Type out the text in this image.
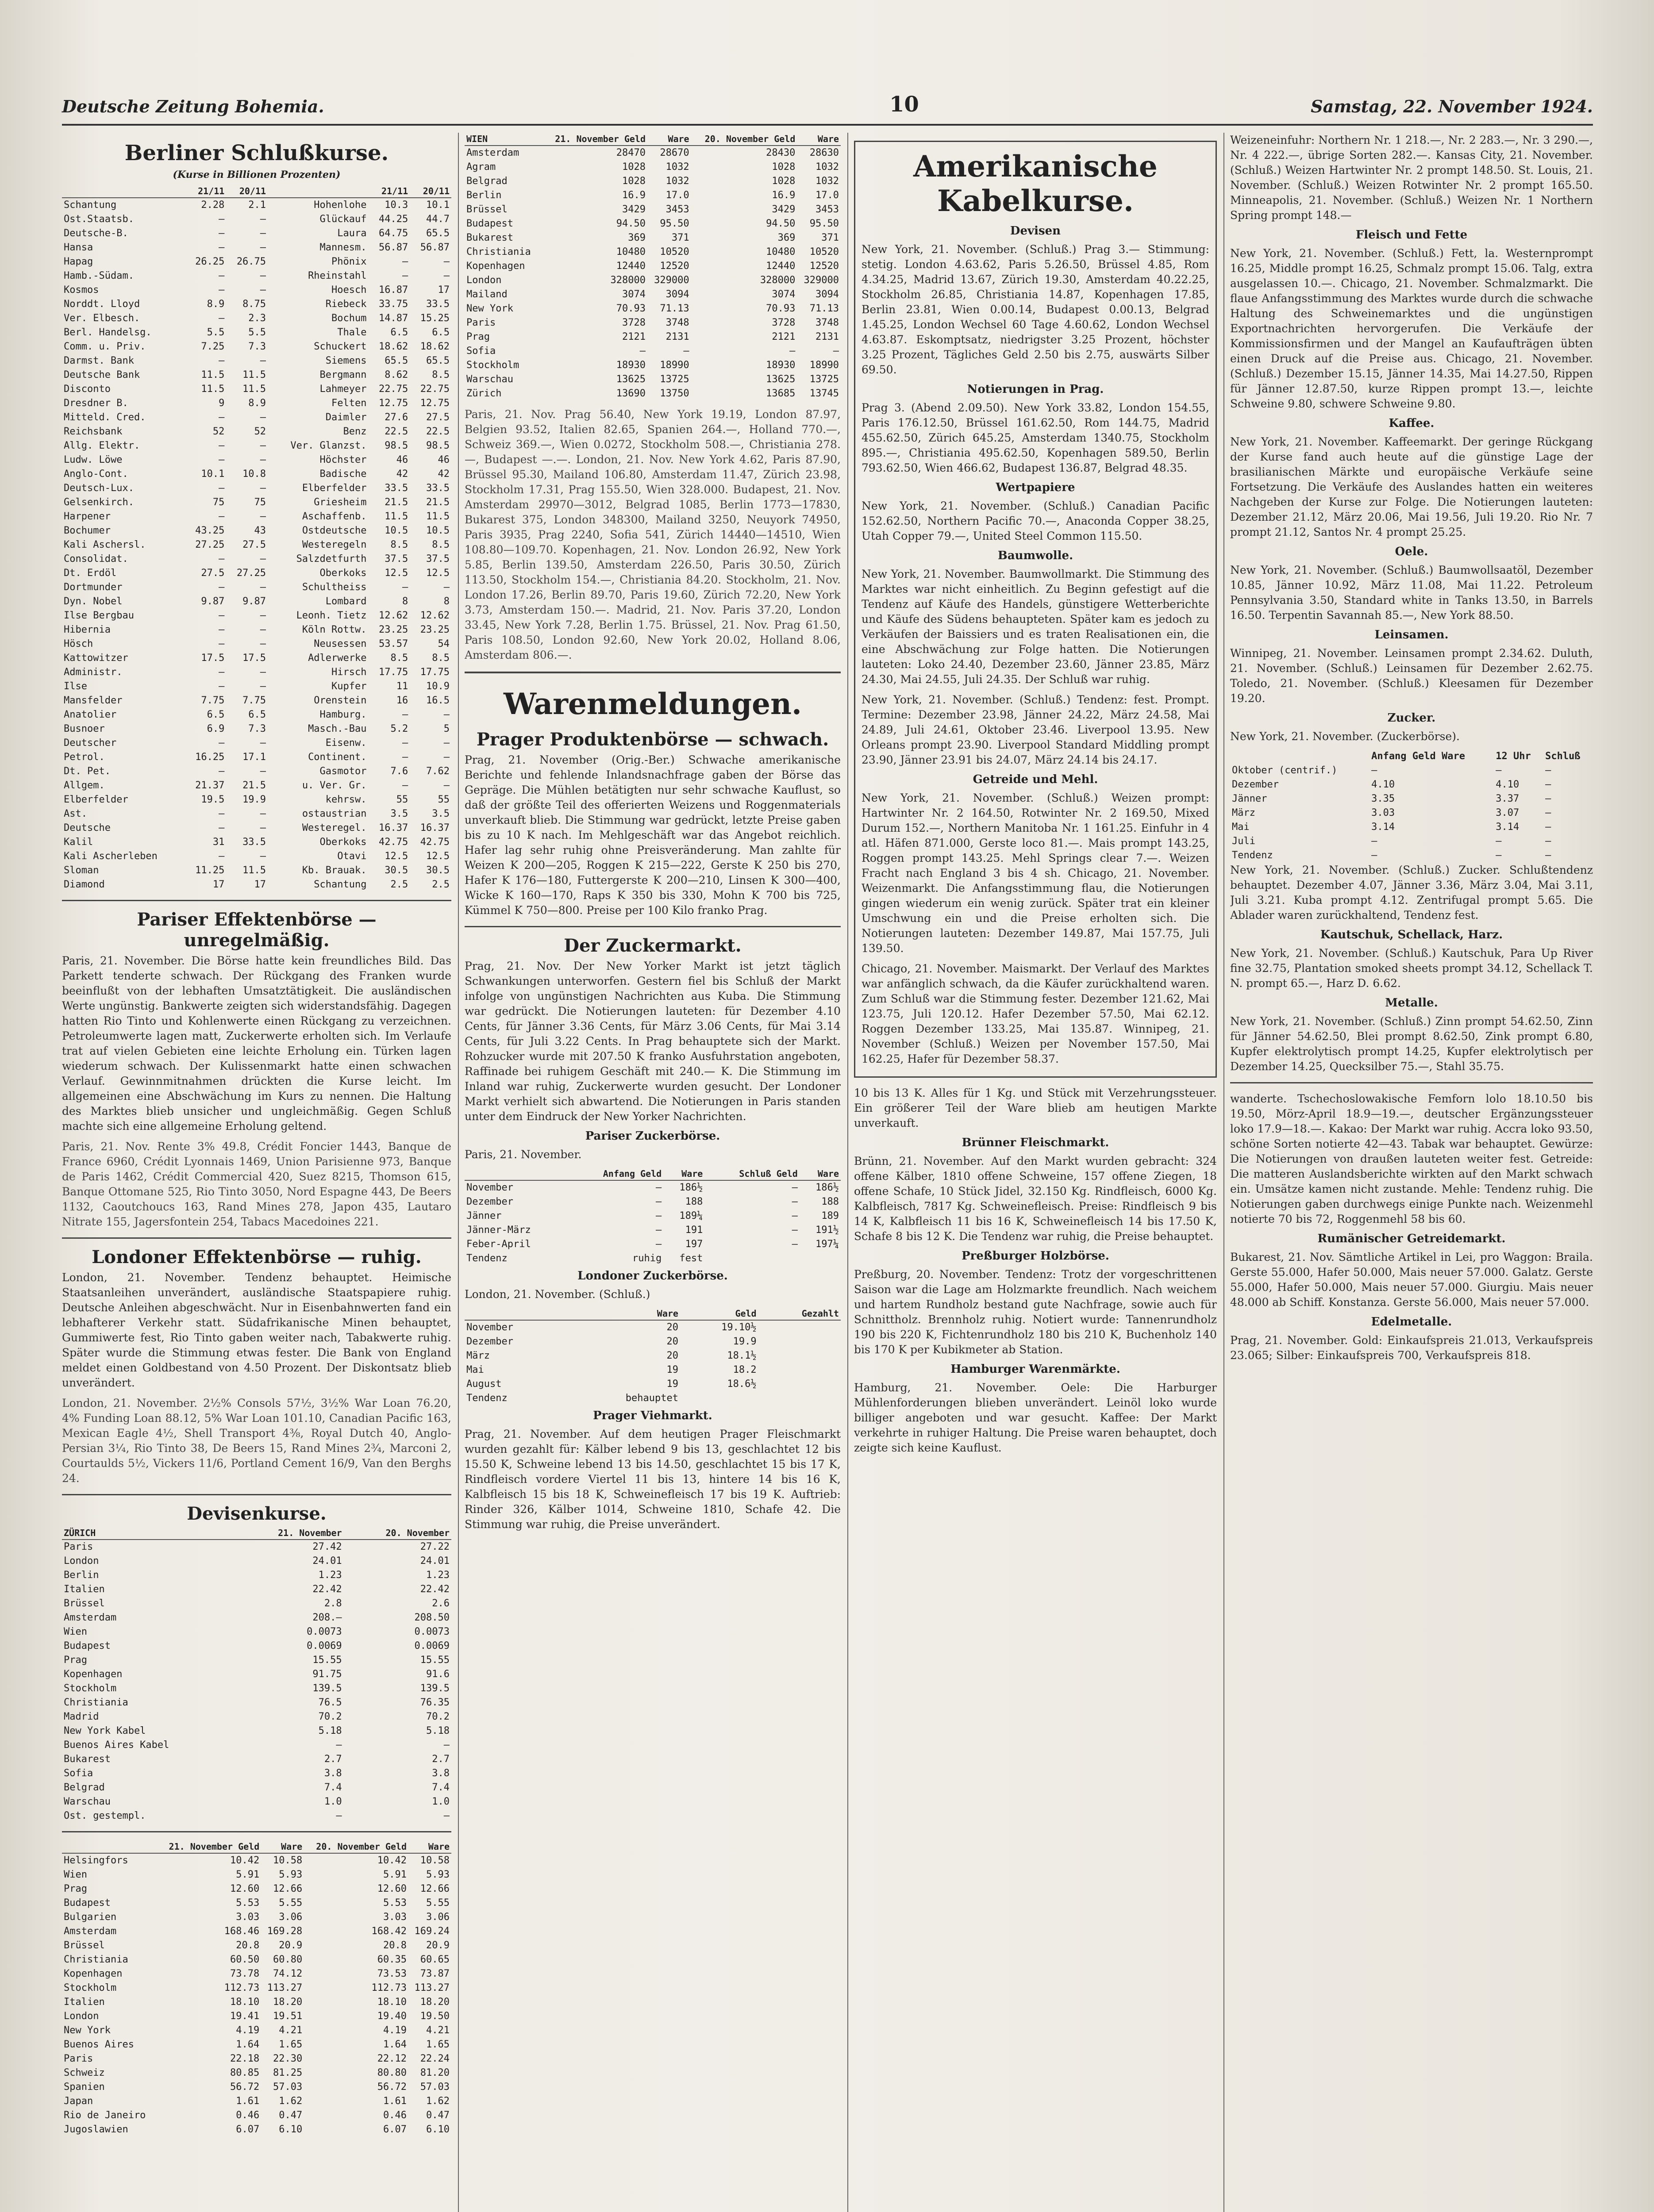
Deutsche Zeitung Bohemia.	10	Samstag, 22. November 1924.
Berliner Schlußkurse.
(Kurse in Billionen Prozenten)
	21/11	20/11		21/11	20/11
Schantung	2.28	2.1	Hohenlohe	10.3	10.1
Ost.Staatsb.	—	—	Glückauf	44.25	44.7
Deutsche-B.	—	—	Laura	64.75	65.5
Hansa	—	—	Mannesm.	56.87	56.87
Hapag	26.25	26.75	Phönix	—	—
Hamb.-Südam.	—	—	Rheinstahl	—	—
Kosmos	—	—	Hoesch	16.87	17
Norddt. Lloyd	8.9	8.75	Riebeck	33.75	33.5
Ver. Elbesch.	—	2.3	Bochum	14.87	15.25
Berl. Handelsg.	5.5	5.5	Thale	6.5	6.5
Comm. u. Priv.	7.25	7.3	Schuckert	18.62	18.62
Darmst. Bank	—	—	Siemens	65.5	65.5
Deutsche Bank	11.5	11.5	Bergmann	8.62	8.5
Disconto	11.5	11.5	Lahmeyer	22.75	22.75
Dresdner B.	9	8.9	Felten	12.75	12.75
Mitteld. Cred.	—	—	Daimler	27.6	27.5
Reichsbank	52	52	Benz	22.5	22.5
Allg. Elektr.	—	—	Ver. Glanzst.	98.5	98.5
Ludw. Löwe	—	—	Höchster	46	46
Anglo-Cont.	10.1	10.8	Badische	42	42
Deutsch-Lux.	—	—	Elberfelder	33.5	33.5
Gelsenkirch.	75	75	Griesheim	21.5	21.5
Harpener	—	—	Aschaffenb.	11.5	11.5
Bochumer	43.25	43	Ostdeutsche	10.5	10.5
Kali Aschersl.	27.25	27.5	Westeregeln	8.5	8.5
Consolidat.	—	—	Salzdetfurth	37.5	37.5
Dt. Erdöl	27.5	27.25	Oberkoks	12.5	12.5
Dortmunder	—	—	Schultheiss	—	—
Dyn. Nobel	9.87	9.87	Lombard	8	8
Ilse Bergbau	—	—	Leonh. Tietz	12.62	12.62
Hibernia	—	—	Köln Rottw.	23.25	23.25
Hösch	—	—	Neusessen	53.57	54
Kattowitzer	17.5	17.5	Adlerwerke	8.5	8.5
Administr.	—	—	Hirsch	17.75	17.75
Ilse	—	—	Kupfer	11	10.9
Mansfelder	7.75	7.75	Orenstein	16	16.5
Anatolier	6.5	6.5	Hamburg.	—	—
Busnoer	6.9	7.3	Masch.-Bau	5.2	5
Deutscher	—	—	Eisenw.	—	—
Petrol.	16.25	17.1	Continent.	—	—
Dt. Pet.	—	—	Gasmotor	7.6	7.62
Allgem.	21.37	21.5	u. Ver. Gr.	—	—
Elberfelder	19.5	19.9	kehrsw.	55	55
Ast.	—	—	ostaustrian	3.5	3.5
Deutsche	—	—	Westeregel.	16.37	16.37
Kalil	31	33.5	Oberkoks	42.75	42.75
Kali Ascherleben	—	—	Otavi	12.5	12.5
Sloman	11.25	11.5	Kb. Brauak.	30.5	30.5
Diamond	17	17	Schantung	2.5	2.5
Pariser Effektenbörse — unregelmäßig.

Paris, 21. November. Die Börse hatte kein freundliches Bild. Das Parkett tenderte schwach. Der Rückgang des Franken wurde beeinflußt von der lebhaften Umsatztätigkeit. Die ausländischen Werte ungünstig. Bankwerte zeigten sich widerstandsfähig. Dagegen hatten Rio Tinto und Kohlenwerte einen Rückgang zu verzeichnen. Petroleumwerte lagen matt, Zuckerwerte erholten sich. Im Verlaufe trat auf vielen Gebieten eine leichte Erholung ein. Türken lagen wiederum schwach. Der Kulissenmarkt hatte einen schwachen Verlauf. Gewinnmitnahmen drückten die Kurse leicht. Im allgemeinen eine Abschwächung im Kurs zu nennen. Die Haltung des Marktes blieb unsicher und ungleichmäßig. Gegen Schluß machte sich eine allgemeine Erholung geltend.

Paris, 21. Nov. Rente 3% 49.8, Crédit Foncier 1443, Banque de France 6960, Crédit Lyonnais 1469, Union Parisienne 973, Banque de Paris 1462, Crédit Commercial 420, Suez 8215, Thomson 615, Banque Ottomane 525, Rio Tinto 3050, Nord Espagne 443, De Beers 1132, Caoutchoucs 163, Rand Mines 278, Japon 435, Lautaro Nitrate 155, Jagersfontein 254, Tabacs Macedoines 221.

Londoner Effektenbörse — ruhig.

London, 21. November. Tendenz behauptet. Heimische Staatsanleihen unverändert, ausländische Staatspapiere ruhig. Deutsche Anleihen abgeschwächt. Nur in Eisenbahnwerten fand ein lebhafterer Verkehr statt. Südafrikanische Minen behauptet, Gummiwerte fest, Rio Tinto gaben weiter nach, Tabakwerte ruhig. Später wurde die Stimmung etwas fester. Die Bank von England meldet einen Goldbestand von 4.50 Prozent. Der Diskontsatz blieb unverändert.

London, 21. November. 2½% Consols 57½, 3½% War Loan 76.20, 4% Funding Loan 88.12, 5% War Loan 101.10, Canadian Pacific 163, Mexican Eagle 4½, Shell Transport 4⅜, Royal Dutch 40, Anglo-Persian 3¼, Rio Tinto 38, De Beers 15, Rand Mines 2¾, Marconi 2, Courtaulds 5½, Vickers 11/6, Portland Cement 16/9, Van den Berghs 24.

Devisenkurse.
ZÜRICH	21. November	20. November
Paris	27.42	27.22
London	24.01	24.01
Berlin	1.23	1.23
Italien	22.42	22.42
Brüssel	2.8	2.6
Amsterdam	208.—	208.50
Wien	0.0073	0.0073
Budapest	0.0069	0.0069
Prag	15.55	15.55
Kopenhagen	91.75	91.6
Stockholm	139.5	139.5
Christiania	76.5	76.35
Madrid	70.2	70.2
New York Kabel	5.18	5.18
Buenos Aires Kabel	—	—
Bukarest	2.7	2.7
Sofia	3.8	3.8
Belgrad	7.4	7.4
Warschau	1.0	1.0
Ost. gestempl.	—	—
	21. November Geld	Ware	20. November Geld	Ware
Helsingfors	10.42	10.58	10.42	10.58
Wien	5.91	5.93	5.91	5.93
Prag	12.60	12.66	12.60	12.66
Budapest	5.53	5.55	5.53	5.55
Bulgarien	3.03	3.06	3.03	3.06
Amsterdam	168.46	169.28	168.42	169.24
Brüssel	20.8	20.9	20.8	20.9
Christiania	60.50	60.80	60.35	60.65
Kopenhagen	73.78	74.12	73.53	73.87
Stockholm	112.73	113.27	112.73	113.27
Italien	18.10	18.20	18.10	18.20
London	19.41	19.51	19.40	19.50
New York	4.19	4.21	4.19	4.21
Buenos Aires	1.64	1.65	1.64	1.65
Paris	22.18	22.30	22.12	22.24
Schweiz	80.85	81.25	80.80	81.20
Spanien	56.72	57.03	56.72	57.03
Japan	1.61	1.62	1.61	1.62
Rio de Janeiro	0.46	0.47	0.46	0.47
Jugoslawien	6.07	6.10	6.07	6.10
WIEN	21. November Geld	Ware	20. November Geld	Ware
Amsterdam	28470	28670	28430	28630
Agram	1028	1032	1028	1032
Belgrad	1028	1032	1028	1032
Berlin	16.9	17.0	16.9	17.0
Brüssel	3429	3453	3429	3453
Budapest	94.50	95.50	94.50	95.50
Bukarest	369	371	369	371
Christiania	10480	10520	10480	10520
Kopenhagen	12440	12520	12440	12520
London	328000	329000	328000	329000
Mailand	3074	3094	3074	3094
New York	70.93	71.13	70.93	71.13
Paris	3728	3748	3728	3748
Prag	2121	2131	2121	2131
Sofia	—	—	—	—
Stockholm	18930	18990	18930	18990
Warschau	13625	13725	13625	13725
Zürich	13690	13750	13685	13745

Paris, 21. Nov. Prag 56.40, New York 19.19, London 87.97, Belgien 93.52, Italien 82.65, Spanien 264.—, Holland 770.—, Schweiz 369.—, Wien 0.0272, Stockholm 508.—, Christiania 278.—, Budapest —.—. London, 21. Nov. New York 4.62, Paris 87.90, Brüssel 95.30, Mailand 106.80, Amsterdam 11.47, Zürich 23.98, Stockholm 17.31, Prag 155.50, Wien 328.000. Budapest, 21. Nov. Amsterdam 29970—3012, Belgrad 1085, Berlin 1773—17830, Bukarest 375, London 348300, Mailand 3250, Neuyork 74950, Paris 3935, Prag 2240, Sofia 541, Zürich 14440—14510, Wien 108.80—109.70. Kopenhagen, 21. Nov. London 26.92, New York 5.85, Berlin 139.50, Amsterdam 226.50, Paris 30.50, Zürich 113.50, Stockholm 154.—, Christiania 84.20. Stockholm, 21. Nov. London 17.26, Berlin 89.70, Paris 19.60, Zürich 72.20, New York 3.73, Amsterdam 150.—. Madrid, 21. Nov. Paris 37.20, London 33.45, New York 7.28, Berlin 1.75. Brüssel, 21. Nov. Prag 61.50, Paris 108.50, London 92.60, New York 20.02, Holland 8.06, Amsterdam 806.—.

Warenmeldungen.
Prager Produktenbörse — schwach.

Prag, 21. November (Orig.-Ber.) Schwache amerikanische Berichte und fehlende Inlandsnachfrage gaben der Börse das Gepräge. Die Mühlen betätigten nur sehr schwache Kauflust, so daß der größte Teil des offerierten Weizens und Roggenmaterials unverkauft blieb. Die Stimmung war gedrückt, letzte Preise gaben bis zu 10 K nach. Im Mehlgeschäft war das Angebot reichlich. Hafer lag sehr ruhig ohne Preisveränderung. Man zahlte für Weizen K 200—205, Roggen K 215—222, Gerste K 250 bis 270, Hafer K 176—180, Futtergerste K 200—210, Linsen K 300—400, Wicke K 160—170, Raps K 350 bis 330, Mohn K 700 bis 725, Kümmel K 750—800. Preise per 100 Kilo franko Prag.

Der Zuckermarkt.

Prag, 21. Nov. Der New Yorker Markt ist jetzt täglich Schwankungen unterworfen. Gestern fiel bis Schluß der Markt infolge von ungünstigen Nachrichten aus Kuba. Die Stimmung war gedrückt. Die Notierungen lauteten: für Dezember 4.10 Cents, für Jänner 3.36 Cents, für März 3.06 Cents, für Mai 3.14 Cents, für Juli 3.22 Cents. In Prag behauptete sich der Markt. Rohzucker wurde mit 207.50 K franko Ausfuhrstation angeboten, Raffinade bei ruhigem Geschäft mit 240.— K. Die Stimmung im Inland war ruhig, Zuckerwerte wurden gesucht. Der Londoner Markt verhielt sich abwartend. Die Notierungen in Paris standen unter dem Eindruck der New Yorker Nachrichten.

Pariser Zuckerbörse.
Paris, 21. November.
	Anfang Geld	Ware	Schluß Geld	Ware
November	—	186½	—	186½
Dezember	—	188	—	188
Jänner	—	189¼	—	189
Jänner-März	—	191	—	191½
Feber-April	—	197	—	197¼
Tendenz	ruhig	fest		
Londoner Zuckerbörse.
London, 21. November. (Schluß.)
	Ware	Geld	Gezahlt
November	20	19.10½	
Dezember	20	19.9	
März	20	18.1½	
Mai	19	18.2	
August	19	18.6½	
Tendenz	behauptet		
Prager Viehmarkt.

Prag, 21. November. Auf dem heutigen Prager Fleischmarkt wurden gezahlt für: Kälber lebend 9 bis 13, geschlachtet 12 bis 15.50 K, Schweine lebend 13 bis 14.50, geschlachtet 15 bis 17 K, Rindfleisch vordere Viertel 11 bis 13, hintere 14 bis 16 K, Kalbfleisch 15 bis 18 K, Schweinefleisch 17 bis 19 K. Auftrieb: Rinder 326, Kälber 1014, Schweine 1810, Schafe 42. Die Stimmung war ruhig, die Preise unverändert.

Amerikanische Kabelkurse.
Devisen

New York, 21. November. (Schluß.) Prag 3.— Stimmung: stetig. London 4.63.62, Paris 5.26.50, Brüssel 4.85, Rom 4.34.25, Madrid 13.67, Zürich 19.30, Amsterdam 40.22.25, Stockholm 26.85, Christiania 14.87, Kopenhagen 17.85, Berlin 23.81, Wien 0.00.14, Budapest 0.00.13, Belgrad 1.45.25, London Wechsel 60 Tage 4.60.62, London Wechsel 4.63.87. Eskomptsatz, niedrigster 3.25 Prozent, höchster 3.25 Prozent, Tägliches Geld 2.50 bis 2.75, auswärts Silber 69.50.

Notierungen in Prag.

Prag 3. (Abend 2.09.50). New York 33.82, London 154.55, Paris 176.12.50, Brüssel 161.62.50, Rom 144.75, Madrid 455.62.50, Zürich 645.25, Amsterdam 1340.75, Stockholm 895.—, Christiania 495.62.50, Kopenhagen 589.50, Berlin 793.62.50, Wien 466.62, Budapest 136.87, Belgrad 48.35.

Wertpapiere

New York, 21. November. (Schluß.) Canadian Pacific 152.62.50, Northern Pacific 70.—, Anaconda Copper 38.25, Utah Copper 79.—, United Steel Common 115.50.

Baumwolle.

New York, 21. November. Baumwollmarkt. Die Stimmung des Marktes war nicht einheitlich. Zu Beginn gefestigt auf die Tendenz auf Käufe des Handels, günstigere Wetterberichte und Käufe des Südens behaupteten. Später kam es jedoch zu Verkäufen der Baissiers und es traten Realisationen ein, die eine Abschwächung zur Folge hatten. Die Notierungen lauteten: Loko 24.40, Dezember 23.60, Jänner 23.85, März 24.30, Mai 24.55, Juli 24.35. Der Schluß war ruhig.

New York, 21. November. (Schluß.) Tendenz: fest. Prompt. Termine: Dezember 23.98, Jänner 24.22, März 24.58, Mai 24.89, Juli 24.61, Oktober 23.46. Liverpool 13.95. New Orleans prompt 23.90. Liverpool Standard Middling prompt 23.90, Jänner 23.91 bis 24.07, März 24.14 bis 24.17.

Getreide und Mehl.

New York, 21. November. (Schluß.) Weizen prompt: Hartwinter Nr. 2 164.50, Rotwinter Nr. 2 169.50, Mixed Durum 152.—, Northern Manitoba Nr. 1 161.25. Einfuhr in 4 atl. Häfen 871.000, Gerste loco 81.—. Mais prompt 143.25, Roggen prompt 143.25. Mehl Springs clear 7.—. Weizen Fracht nach England 3 bis 4 sh. Chicago, 21. November. Weizenmarkt. Die Anfangsstimmung flau, die Notierungen gingen wiederum ein wenig zurück. Später trat ein kleiner Umschwung ein und die Preise erholten sich. Die Notierungen lauteten: Dezember 149.87, Mai 157.75, Juli 139.50.

Chicago, 21. November. Maismarkt. Der Verlauf des Marktes war anfänglich schwach, da die Käufer zurückhaltend waren. Zum Schluß war die Stimmung fester. Dezember 121.62, Mai 123.75, Juli 120.12. Hafer Dezember 57.50, Mai 62.12. Roggen Dezember 133.25, Mai 135.87. Winnipeg, 21. November (Schluß.) Weizen per November 157.50, Mai 162.25, Hafer für Dezember 58.37.

10 bis 13 K. Alles für 1 Kg. und Stück mit Verzehrungssteuer. Ein größerer Teil der Ware blieb am heutigen Markte unverkauft.

Brünner Fleischmarkt.

Brünn, 21. November. Auf den Markt wurden gebracht: 324 offene Kälber, 1810 offene Schweine, 157 offene Ziegen, 18 offene Schafe, 10 Stück Jidel, 32.150 Kg. Rindfleisch, 6000 Kg. Kalbfleisch, 7817 Kg. Schweinefleisch. Preise: Rindfleisch 9 bis 14 K, Kalbfleisch 11 bis 16 K, Schweinefleisch 14 bis 17.50 K, Schafe 8 bis 12 K. Die Tendenz war ruhig, die Preise behauptet.

Preßburger Holzbörse.

Preßburg, 20. November. Tendenz: Trotz der vorgeschrittenen Saison war die Lage am Holzmarkte freundlich. Nach weichem und hartem Rundholz bestand gute Nachfrage, sowie auch für Schnittholz. Brennholz ruhig. Notiert wurde: Tannenrundholz 190 bis 220 K, Fichtenrundholz 180 bis 210 K, Buchenholz 140 bis 170 K per Kubikmeter ab Station.

Hamburger Warenmärkte.

Hamburg, 21. November. Oele: Die Harburger Mühlenforderungen blieben unverändert. Leinöl loko wurde billiger angeboten und war gesucht. Kaffee: Der Markt verkehrte in ruhiger Haltung. Die Preise waren behauptet, doch zeigte sich keine Kauflust.

Weizeneinfuhr: Northern Nr. 1 218.—, Nr. 2 283.—, Nr. 3 290.—, Nr. 4 222.—, übrige Sorten 282.—. Kansas City, 21. November. (Schluß.) Weizen Hartwinter Nr. 2 prompt 148.50. St. Louis, 21. November. (Schluß.) Weizen Rotwinter Nr. 2 prompt 165.50. Minneapolis, 21. November. (Schluß.) Weizen Nr. 1 Northern Spring prompt 148.—

Fleisch und Fette

New York, 21. November. (Schluß.) Fett, la. Westernprompt 16.25, Middle prompt 16.25, Schmalz prompt 15.06. Talg, extra ausgelassen 10.—. Chicago, 21. November. Schmalzmarkt. Die flaue Anfangsstimmung des Marktes wurde durch die schwache Haltung des Schweinemarktes und die ungünstigen Exportnachrichten hervorgerufen. Die Verkäufe der Kommissionsfirmen und der Mangel an Kaufaufträgen übten einen Druck auf die Preise aus. Chicago, 21. November. (Schluß.) Dezember 15.15, Jänner 14.35, Mai 14.27.50, Rippen für Jänner 12.87.50, kurze Rippen prompt 13.—, leichte Schweine 9.80, schwere Schweine 9.80.

Kaffee.

New York, 21. November. Kaffeemarkt. Der geringe Rückgang der Kurse fand auch heute auf die günstige Lage der brasilianischen Märkte und europäische Verkäufe seine Fortsetzung. Die Verkäufe des Auslandes hatten ein weiteres Nachgeben der Kurse zur Folge. Die Notierungen lauteten: Dezember 21.12, März 20.06, Mai 19.56, Juli 19.20. Rio Nr. 7 prompt 21.12, Santos Nr. 4 prompt 25.25.

Oele.

New York, 21. November. (Schluß.) Baumwollsaatöl, Dezember 10.85, Jänner 10.92, März 11.08, Mai 11.22. Petroleum Pennsylvania 3.50, Standard white in Tanks 13.50, in Barrels 16.50. Terpentin Savannah 85.—, New York 88.50.

Leinsamen.

Winnipeg, 21. November. Leinsamen prompt 2.34.62. Duluth, 21. November. (Schluß.) Leinsamen für Dezember 2.62.75. Toledo, 21. November. (Schluß.) Kleesamen für Dezember 19.20.

Zucker.
New York, 21. November. (Zuckerbörse).
	Anfang Geld Ware	12 Uhr	Schluß
Oktober (centrif.)	—	—	—
Dezember	4.10	4.10	—
Jänner	3.35	3.37	—
März	3.03	3.07	—
Mai	3.14	3.14	—
Juli	—	—	—
Tendenz	—	—	—

New York, 21. November. (Schluß.) Zucker. Schlußtendenz behauptet. Dezember 4.07, Jänner 3.36, März 3.04, Mai 3.11, Juli 3.21. Kuba prompt 4.12. Zentrifugal prompt 5.65. Die Ablader waren zurückhaltend, Tendenz fest.

Kautschuk, Schellack, Harz.

New York, 21. November. (Schluß.) Kautschuk, Para Up River fine 32.75, Plantation smoked sheets prompt 34.12, Schellack T. N. prompt 65.—, Harz D. 6.62.

Metalle.

New York, 21. November. (Schluß.) Zinn prompt 54.62.50, Zinn für Jänner 54.62.50, Blei prompt 8.62.50, Zink prompt 6.80, Kupfer elektrolytisch prompt 14.25, Kupfer elektrolytisch per Dezember 14.25, Quecksilber 75.—, Stahl 35.75.

wanderte. Tschechoslowakische Femforn lolo 18.10.50 bis 19.50, Mörz-April 18.9—19.—, deutscher Ergänzungssteuer loko 17.9—18.—. Kakao: Der Markt war ruhig. Accra loko 93.50, schöne Sorten notierte 42—43. Tabak war behauptet. Gewürze: Die Notierungen von draußen lauteten weiter fest. Getreide: Die matteren Auslandsberichte wirkten auf den Markt schwach ein. Umsätze kamen nicht zustande. Mehle: Tendenz ruhig. Die Notierungen gaben durchwegs einige Punkte nach. Weizenmehl notierte 70 bis 72, Roggenmehl 58 bis 60.

Rumänischer Getreidemarkt.

Bukarest, 21. Nov. Sämtliche Artikel in Lei, pro Waggon: Braila. Gerste 55.000, Hafer 50.000, Mais neuer 57.000. Galatz. Gerste 55.000, Hafer 50.000, Mais neuer 57.000. Giurgiu. Mais neuer 48.000 ab Schiff. Konstanza. Gerste 56.000, Mais neuer 57.000.

Edelmetalle.

Prag, 21. November. Gold: Einkaufspreis 21.013, Verkaufspreis 23.065; Silber: Einkaufspreis 700, Verkaufspreis 818.
